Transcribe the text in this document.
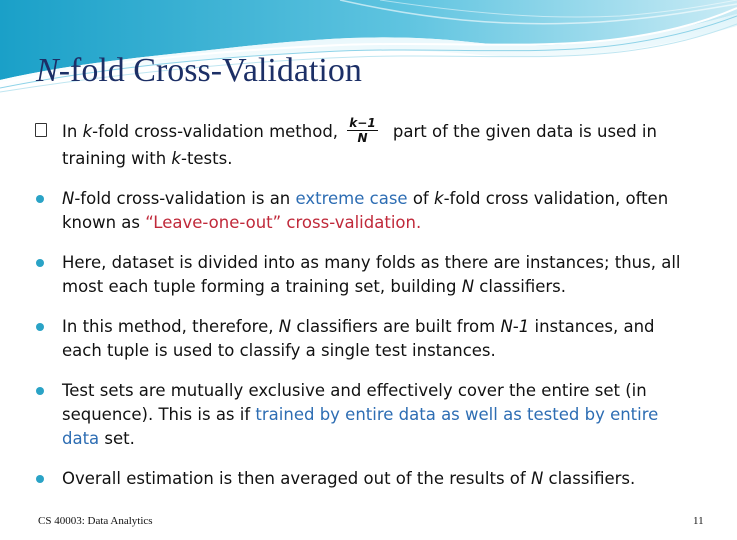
N-fold Cross-Validation
In k-fold cross-validation method, $\frac{k-1}{N}$ part of the given data is used in training with k-tests.
N-fold cross-validation is an extreme case of k-fold cross validation, often known as “Leave-one-out” cross-validation.
Here, dataset is divided into as many folds as there are instances; thus, all most each tuple forming a training set, building N classifiers.
In this method, therefore, N classifiers are built from N-1 instances, and each tuple is used to classify a single test instances.
Test sets are mutually exclusive and effectively cover the entire set (in sequence). This is as if trained by entire data as well as tested by entire data set.
Overall estimation is then averaged out of the results of N classifiers.
CS 40003: Data Analytics	11
